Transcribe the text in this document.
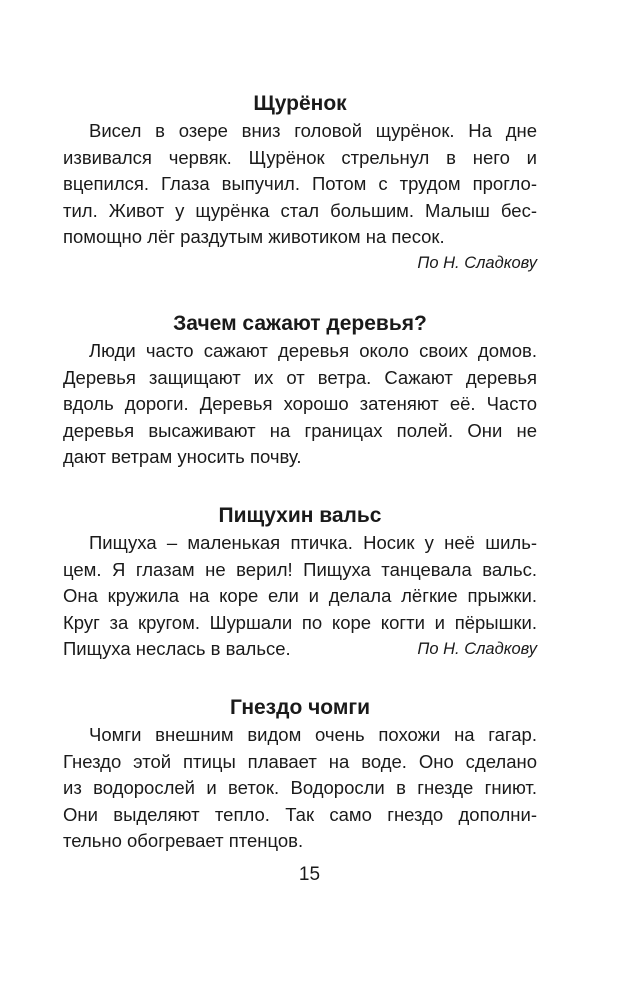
Щурёнок

Висел в озере вниз головой щурёнок. На дне

извивался червяк. Щурёнок стрельнул в него и

вцепился. Глаза выпучил. Потом с трудом прогло-

тил. Живот у щурёнка стал большим. Малыш бес-

помощно лёг раздутым животиком на песок.

По Н. Сладкову
Зачем сажают деревья?

Люди часто сажают деревья около своих домов.

Деревья защищают их от ветра. Сажают деревья

вдоль дороги. Деревья хорошо затеняют её. Часто

деревья высаживают на границах полей. Они не

дают ветрам уносить почву.

Пищухин вальс

Пищуха – маленькая птичка. Носик у неё шиль-

цем. Я глазам не верил! Пищуха танцевала вальс.

Она кружила на коре ели и делала лёгкие прыжки.

Круг за кругом. Шуршали по коре когти и пёрышки.

Пищуха неслась в вальсе.	По Н. Сладкову

Гнездо чомги

Чомги внешним видом очень похожи на гагар.

Гнездо этой птицы плавает на воде. Оно сделано

из водорослей и веток. Водоросли в гнезде гниют.

Они выделяют тепло. Так само гнездо дополни-

тельно обогревает птенцов.

15
